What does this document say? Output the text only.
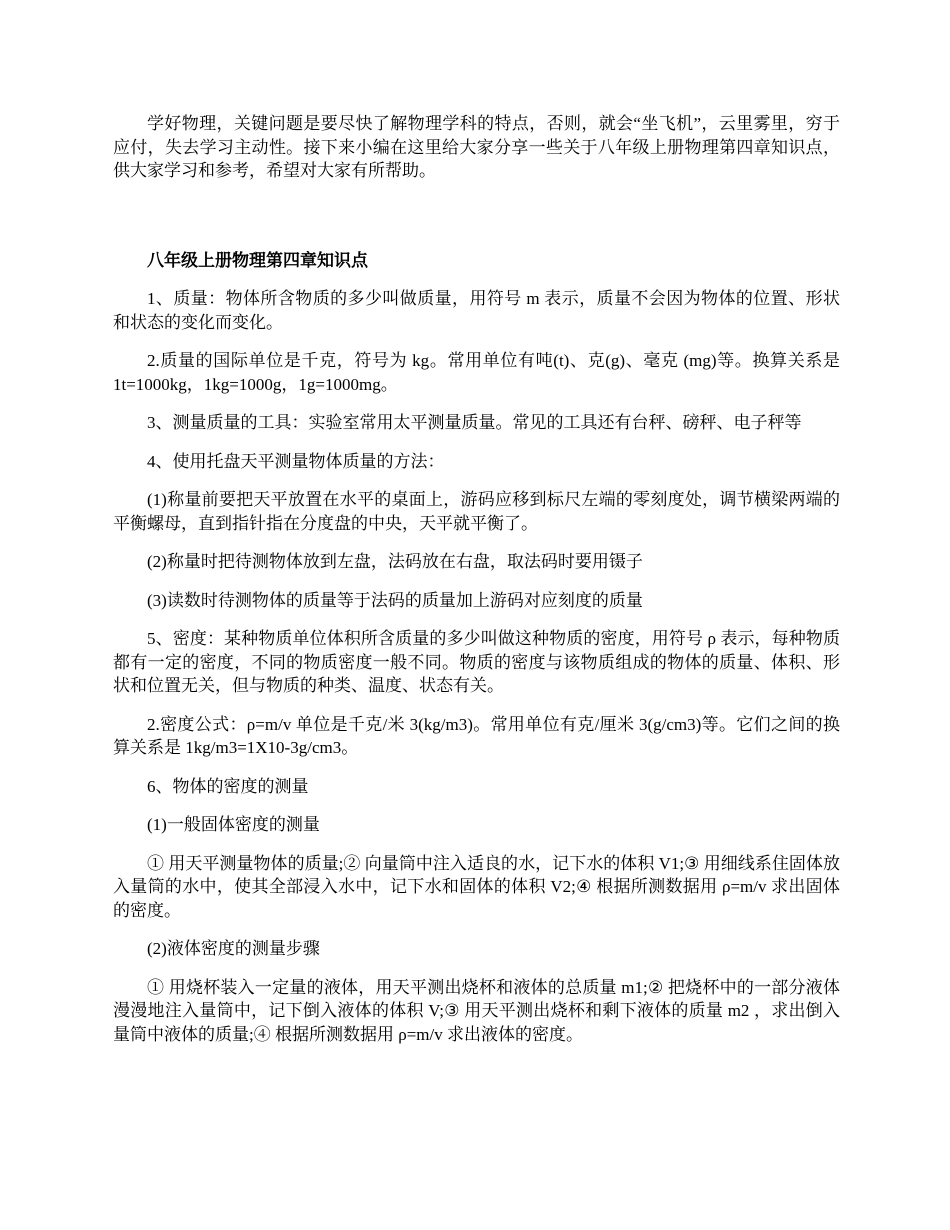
学好物理，关键问题是要尽快了解物理学科的特点，否则，就会“坐飞机”，云里雾里，穷于应付，失去学习主动性。接下来小编在这里给大家分享一些关于八年级上册物理第四章知识点，供大家学习和参考，希望对大家有所帮助。

八年级上册物理第四章知识点

1、质量：物体所含物质的多少叫做质量，用符号 m 表示，质量不会因为物体的位置、形状和状态的变化而变化。

2.质量的国际单位是千克，符号为 kg。常用单位有吨(t)、克(g)、毫克 (mg)等。换算关系是 1t=1000kg，1kg=1000g，1g=1000mg。

3、测量质量的工具：实验室常用太平测量质量。常见的工具还有台秤、磅秤、电子秤等

4、使用托盘天平测量物体质量的方法：

(1)称量前要把天平放置在水平的桌面上，游码应移到标尺左端的零刻度处，调节横梁两端的平衡螺母，直到指针指在分度盘的中央，天平就平衡了。

(2)称量时把待测物体放到左盘，法码放在右盘，取法码时要用镊子

(3)读数时待测物体的质量等于法码的质量加上游码对应刻度的质量

5、密度：某种物质单位体积所含质量的多少叫做这种物质的密度，用符号 ρ 表示，每种物质都有一定的密度，不同的物质密度一般不同。物质的密度与该物质组成的物体的质量、体积、形状和位置无关，但与物质的种类、温度、状态有关。

2.密度公式：ρ=m/v 单位是千克/米 3(kg/m3)。常用单位有克/厘米 3(g/cm3)等。它们之间的换算关系是 1kg/m3=1X10-3g/cm3。

6、物体的密度的测量

(1)一般固体密度的测量

① 用天平测量物体的质量;② 向量筒中注入适良的水，记下水的体积 V1;③ 用细线系住固体放入量筒的水中，使其全部浸入水中，记下水和固体的体积 V2;④ 根据所测数据用 ρ=m/v 求出固体的密度。

(2)液体密度的测量步骤

① 用烧杯装入一定量的液体，用天平测出烧杯和液体的总质量 m1;② 把烧杯中的一部分液体漫漫地注入量筒中，记下倒入液体的体积 V;③ 用天平测出烧杯和剩下液体的质量 m2 ，求出倒入量筒中液体的质量;④ 根据所测数据用 ρ=m/v 求出液体的密度。
